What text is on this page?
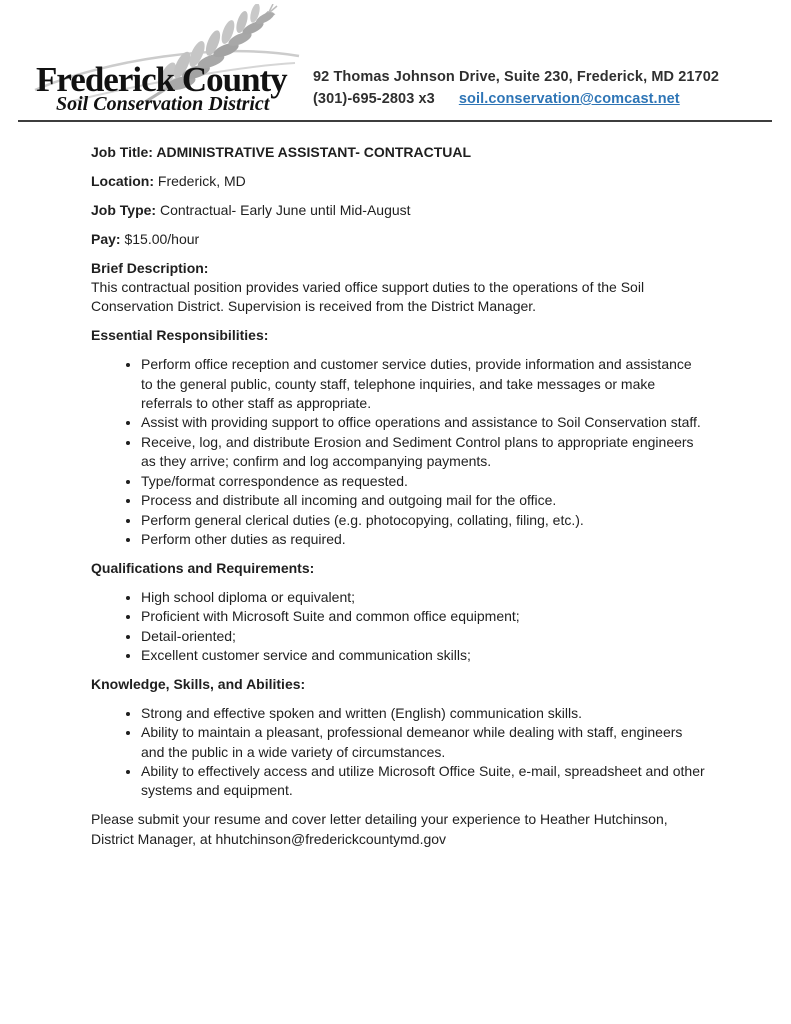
Frederick County
Soil Conservation District
92 Thomas Johnson Drive, Suite 230, Frederick, MD 21702
(301)-695-2803 x3 soil.conservation@comcast.net

Job Title: ADMINISTRATIVE ASSISTANT- CONTRACTUAL

Location: Frederick, MD

Job Type: Contractual- Early June until Mid-August

Pay: $15.00/hour

Brief Description:

This contractual position provides varied office support duties to the operations of the Soil Conservation District. Supervision is received from the District Manager.

Essential Responsibilities:

• Perform office reception and customer service duties, provide information and assistance to the general public, county staff, telephone inquiries, and take messages or make referrals to other staff as appropriate.
• Assist with providing support to office operations and assistance to Soil Conservation staff.
• Receive, log, and distribute Erosion and Sediment Control plans to appropriate engineers as they arrive; confirm and log accompanying payments.
• Type/format correspondence as requested.
• Process and distribute all incoming and outgoing mail for the office.
• Perform general clerical duties (e.g. photocopying, collating, filing, etc.).
• Perform other duties as required.

Qualifications and Requirements:

• High school diploma or equivalent;
• Proficient with Microsoft Suite and common office equipment;
• Detail-oriented;
• Excellent customer service and communication skills;

Knowledge, Skills, and Abilities:

• Strong and effective spoken and written (English) communication skills.
• Ability to maintain a pleasant, professional demeanor while dealing with staff, engineers and the public in a wide variety of circumstances.
• Ability to effectively access and utilize Microsoft Office Suite, e-mail, spreadsheet and other systems and equipment.

Please submit your resume and cover letter detailing your experience to Heather Hutchinson, District Manager, at hhutchinson@frederickcountymd.gov
